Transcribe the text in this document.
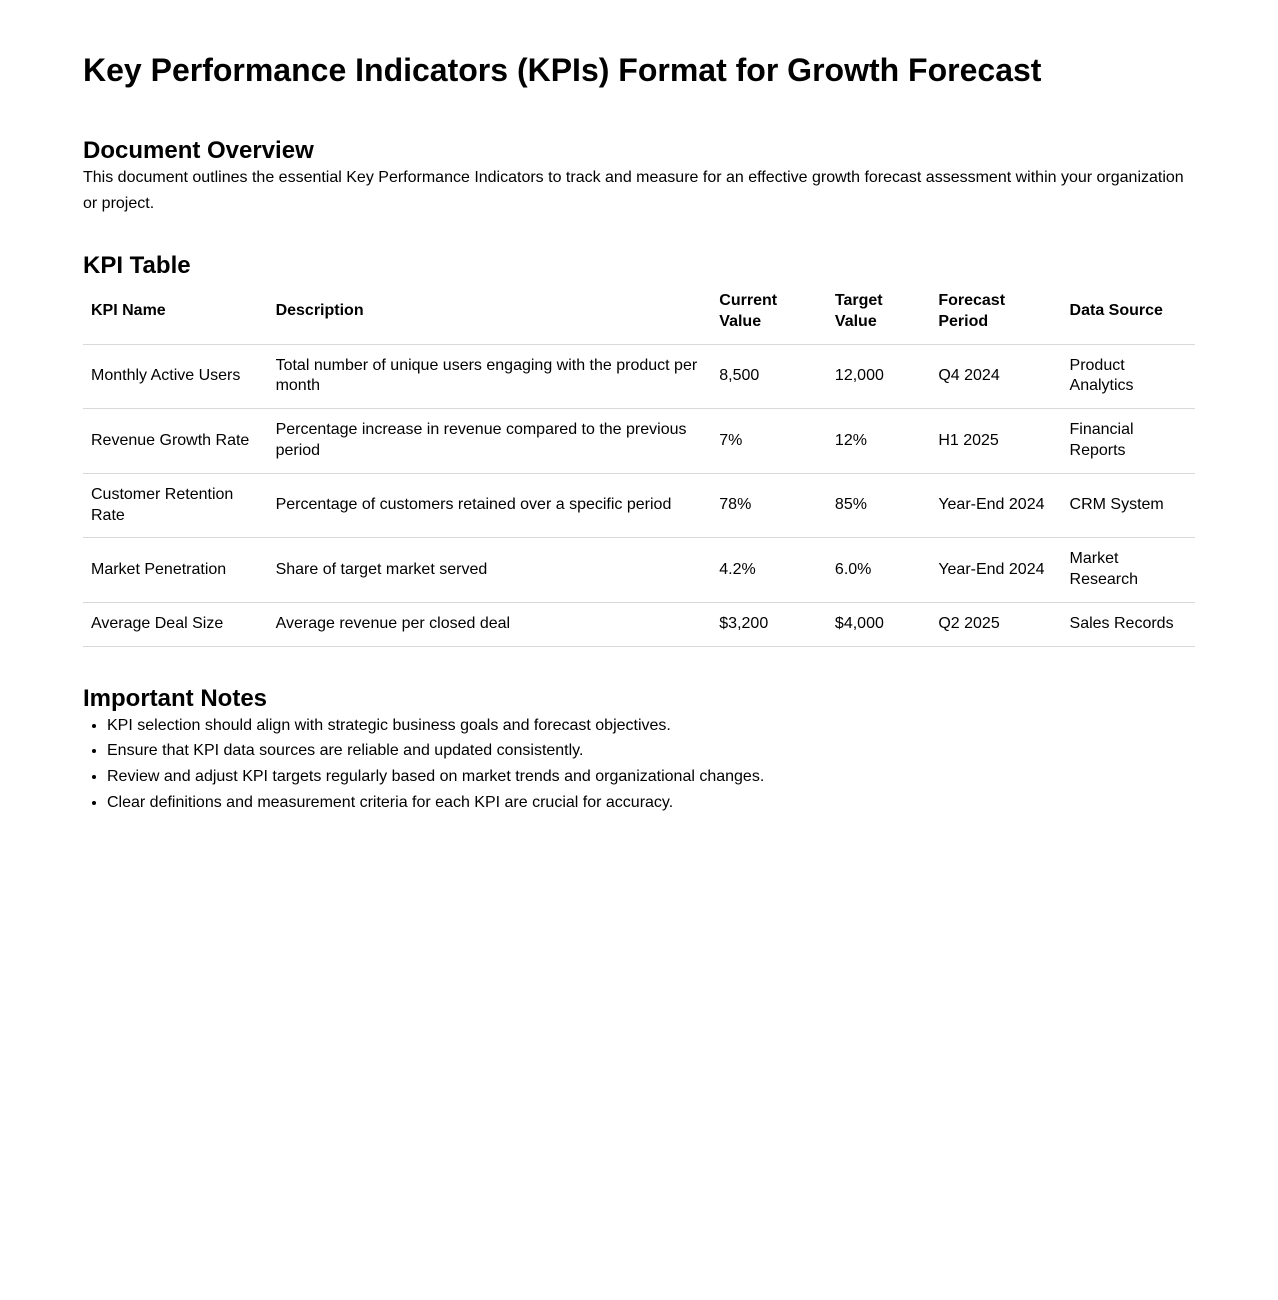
Key Performance Indicators (KPIs) Format for Growth Forecast
Document Overview

This document outlines the essential Key Performance Indicators to track and measure for an effective growth forecast assessment within your organization or project.

KPI Table
KPI Name	Description	Current Value	Target Value	Forecast Period	Data Source
Monthly Active Users	Total number of unique users engaging with the product per month	8,500	12,000	Q4 2024	Product Analytics
Revenue Growth Rate	Percentage increase in revenue compared to the previous period	7%	12%	H1 2025	Financial Reports
Customer Retention Rate	Percentage of customers retained over a specific period	78%	85%	Year-End 2024	CRM System
Market Penetration	Share of target market served	4.2%	6.0%	Year-End 2024	Market Research
Average Deal Size	Average revenue per closed deal	$3,200	$4,000	Q2 2025	Sales Records
Important Notes
• KPI selection should align with strategic business goals and forecast objectives.
• Ensure that KPI data sources are reliable and updated consistently.
• Review and adjust KPI targets regularly based on market trends and organizational changes.
• Clear definitions and measurement criteria for each KPI are crucial for accuracy.
